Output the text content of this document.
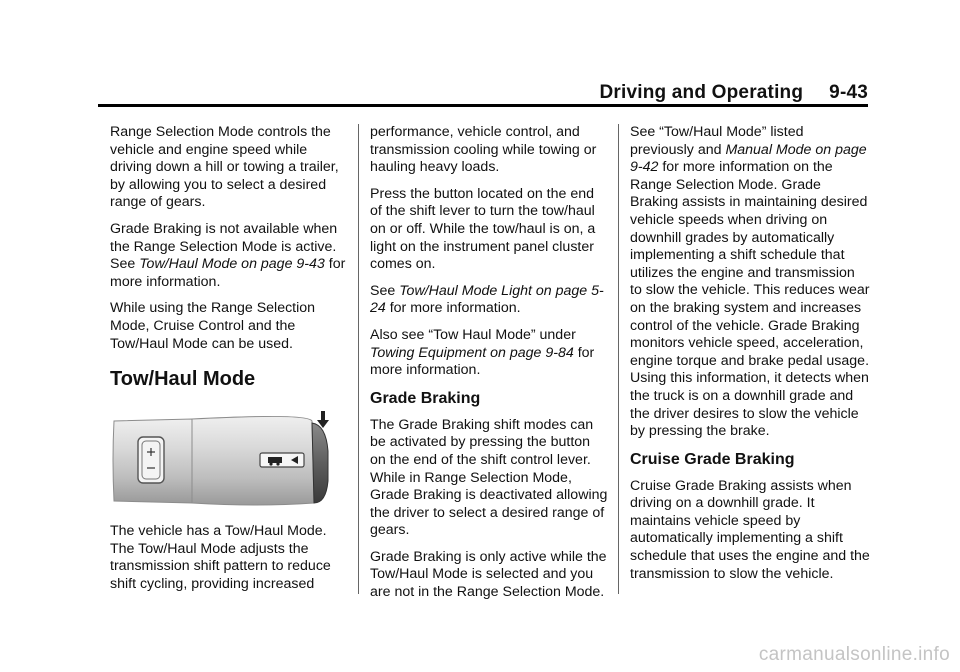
Driving and Operating 9-43

Range Selection Mode controls the vehicle and engine speed while driving down a hill or towing a trailer, by allowing you to select a desired range of gears.

Grade Braking is not available when the Range Selection Mode is active. See Tow/Haul Mode on page 9-43 for more information.

While using the Range Selection Mode, Cruise Control and the Tow/Haul Mode can be used.

Tow/Haul Mode

The vehicle has a Tow/Haul Mode. The Tow/Haul Mode adjusts the transmission shift pattern to reduce shift cycling, providing increased

performance, vehicle control, and transmission cooling while towing or hauling heavy loads.

Press the button located on the end of the shift lever to turn the tow/haul on or off. While the tow/haul is on, a light on the instrument panel cluster comes on.

See Tow/Haul Mode Light on page 5-24 for more information.

Also see “Tow Haul Mode” under Towing Equipment on page 9-84 for more information.

Grade Braking

The Grade Braking shift modes can be activated by pressing the button on the end of the shift control lever. While in Range Selection Mode, Grade Braking is deactivated allowing the driver to select a desired range of gears.

Grade Braking is only active while the Tow/Haul Mode is selected and you are not in the Range Selection Mode.

See “Tow/Haul Mode” listed previously and Manual Mode on page 9-42 for more information on the Range Selection Mode. Grade Braking assists in maintaining desired vehicle speeds when driving on downhill grades by automatically implementing a shift schedule that utilizes the engine and transmission to slow the vehicle. This reduces wear on the braking system and increases control of the vehicle. Grade Braking monitors vehicle speed, acceleration, engine torque and brake pedal usage. Using this information, it detects when the truck is on a downhill grade and the driver desires to slow the vehicle by pressing the brake.

Cruise Grade Braking

Cruise Grade Braking assists when driving on a downhill grade. It maintains vehicle speed by automatically implementing a shift schedule that uses the engine and the transmission to slow the vehicle.

carmanualsonline.info
